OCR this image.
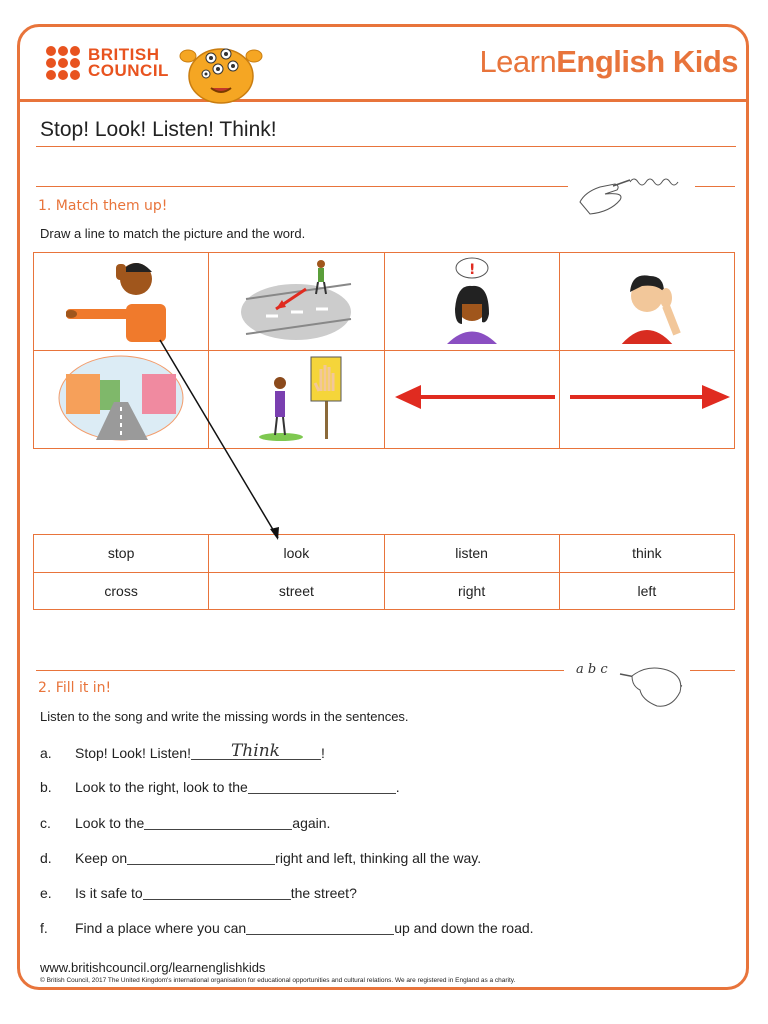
BRITISH
COUNCIL	LearnEnglish Kids
Stop! Look! Listen! Think!
1. Match them up!
Draw a line to match the picture and the word.

!

stop	look	listen	think
cross	street	right	left
a b c
2. Fill it in!
Listen to the song and write the missing words in the sentences.
a.	Stop! Look! Listen! Think	!
b.	Look to the right, look to the	.
c.	Look to the	again.
d.	Keep on	right and left, thinking all the way.
e.	Is it safe to	the street?
f.	Find a place where you can	up and down the road.
www.britishcouncil.org/learnenglishkids
© British Council, 2017 The United Kingdom's international organisation for educational opportunities and cultural relations. We are registered in England as a charity.
